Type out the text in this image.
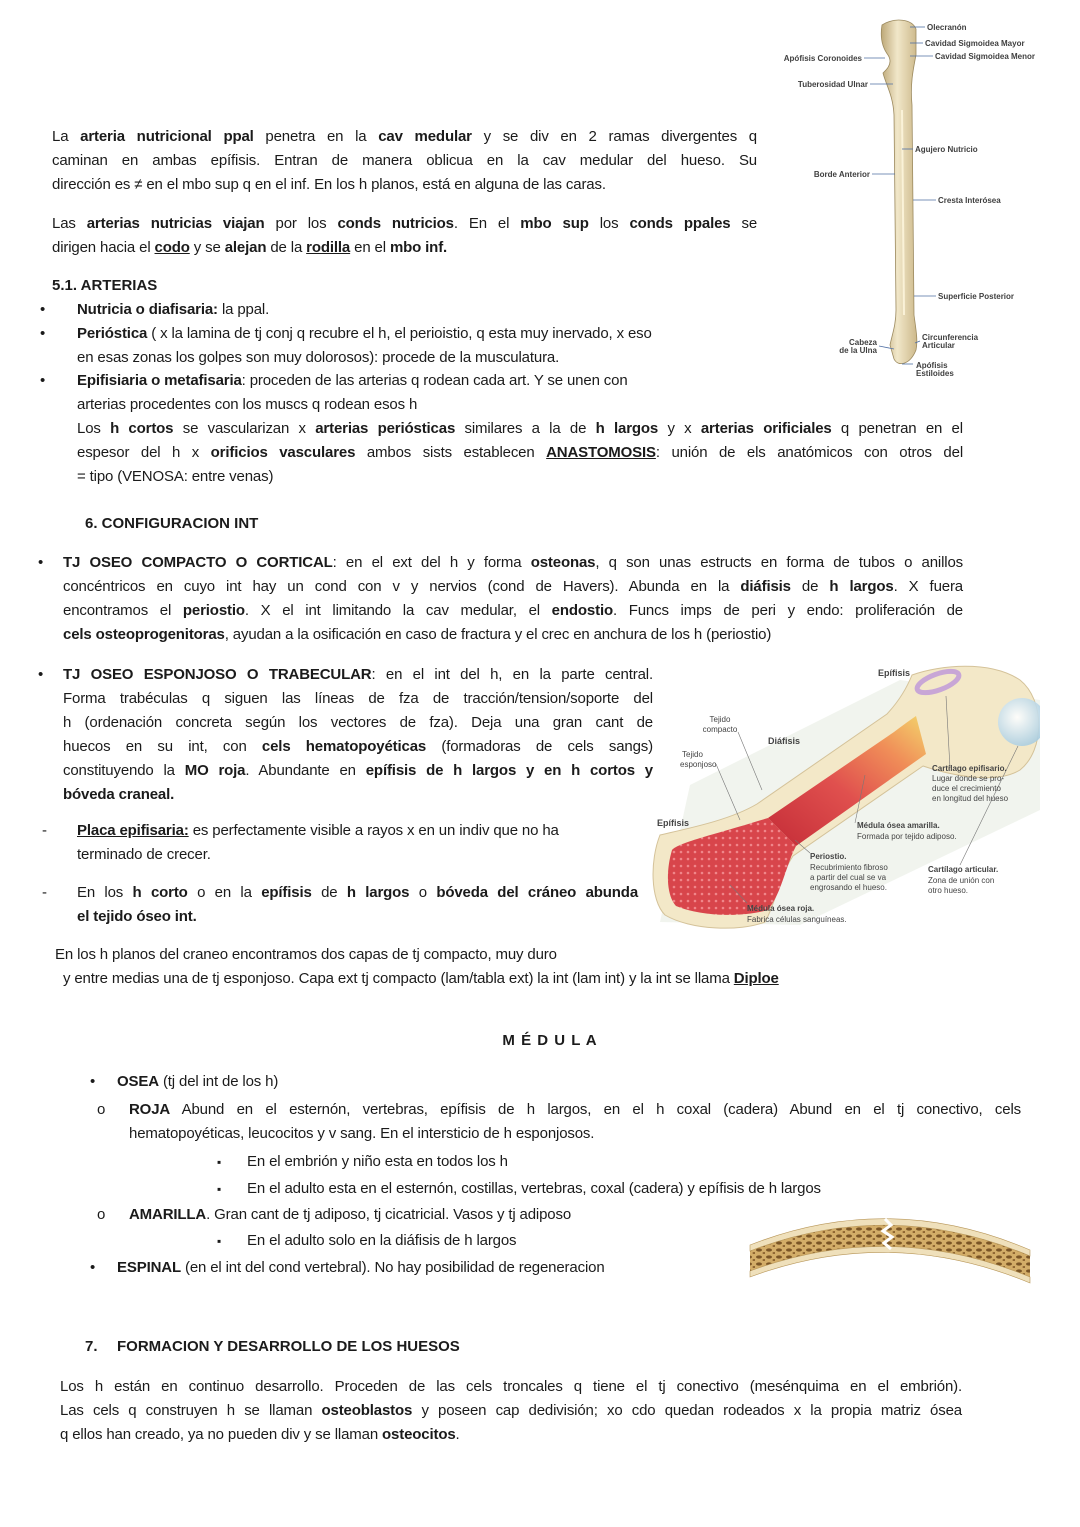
Olecranón
Cavidad Sigmoidea Mayor
Cavidad Sigmoidea Menor
Apófisis Coronoides
Tuberosidad Ulnar
Agujero Nutricio
Borde Anterior
Cresta Interósea
Superficie Posterior
Cabeza
de la Ulna
Circunferencia
Articular
Apófisis
Estiloides
Epífisis
Tejido
compacto
Tejido
esponjoso
Diáfisis
Cartílago epifisario.
Lugar donde se pro-
duce el crecimiento
en longitud del hueso
Epífisis	Médula ósea amarilla.
Formada por tejido adiposo.
Periostio.
Recubrimiento fibroso
a partir del cual se va
engrosando el hueso.
Cartílago articular.
Zona de unión con
otro hueso.
Médula ósea roja.
Fabrica células sanguíneas.
La arteria nutricional ppal penetra en la cav medular y se div en 2 ramas divergentes q
caminan en ambas epífisis. Entran de manera oblicua en la cav medular del hueso. Su
dirección es ≠ en el mbo sup q en el inf. En los h planos, está en alguna de las caras.
Las arterias nutricias viajan por los conds nutricios. En el mbo sup los conds ppales se
dirigen hacia el codo y se alejan de la rodilla en el mbo inf.
5.1. ARTERIAS
• Nutricia o diafisaria: la ppal.
• Perióstica ( x la lamina de tj conj q recubre el h, el perioistio, q esta muy inervado, x eso
en esas zonas los golpes son muy dolorosos): procede de la musculatura.
• Epifisiaria o metafisaria: proceden de las arterias q rodean cada art. Y se unen con
arterias procedentes con los muscs q rodean esos h
Los h cortos se vascularizan x arterias periósticas similares a la de h largos y x arterias orificiales q penetran en el
espesor del h x orificios vasculares ambos sists establecen ANASTOMOSIS: unión de els anatómicos con otros del
= tipo (VENOSA: entre venas)
6. CONFIGURACION INT
• TJ OSEO COMPACTO O CORTICAL: en el ext del h y forma osteonas, q son unas estructs en forma de tubos o anillos
concéntricos en cuyo int hay un cond con v y nervios (cond de Havers). Abunda en la diáfisis de h largos. X fuera
encontramos el periostio. X el int limitando la cav medular, el endostio. Funcs imps de peri y endo: proliferación de
cels osteoprogenitoras, ayudan a la osificación en caso de fractura y el crec en anchura de los h (periostio)
• TJ OSEO ESPONJOSO O TRABECULAR: en el int del h, en la parte central.
Forma trabéculas q siguen las líneas de fza de tracción/tension/soporte del
h (ordenación concreta según los vectores de fza). Deja una gran cant de
huecos en su int, con cels hematopoyéticas (formadoras de cels sangs)
constituyendo la MO roja. Abundante en epífisis de h largos y en h cortos y
bóveda craneal.
- Placa epifisaria: es perfectamente visible a rayos x en un indiv que no ha
terminado de crecer.
- En los h corto o en la epífisis de h largos o bóveda del cráneo abunda
el tejido óseo int.
En los h planos del craneo encontramos dos capas de tj compacto, muy duro
y entre medias una de tj esponjoso. Capa ext tj compacto (lam/tabla ext) la int (lam int) y la int se llama Diploe
M É D U L A
• OSEA (tj del int de los h)
o ROJA Abund en el esternón, vertebras, epífisis de h largos, en el h coxal (cadera) Abund en el tj conectivo, cels
hematopoyéticas, leucocitos y v sang. En el intersticio de h esponjosos.
▪ En el embrión y niño esta en todos los h
▪ En el adulto esta en el esternón, costillas, vertebras, coxal (cadera) y epífisis de h largos
o AMARILLA. Gran cant de tj adiposo, tj cicatricial. Vasos y tj adiposo
▪ En el adulto solo en la diáfisis de h largos
• ESPINAL (en el int del cond vertebral). No hay posibilidad de regeneracion
7. FORMACION Y DESARROLLO DE LOS HUESOS
Los h están en continuo desarrollo. Proceden de las cels troncales q tiene el tj conectivo (mesénquima en el embrión).
Las cels q construyen h se llaman osteoblastos y poseen cap dedivisión; xo cdo quedan rodeados x la propia matriz ósea
q ellos han creado, ya no pueden div y se llaman osteocitos.
